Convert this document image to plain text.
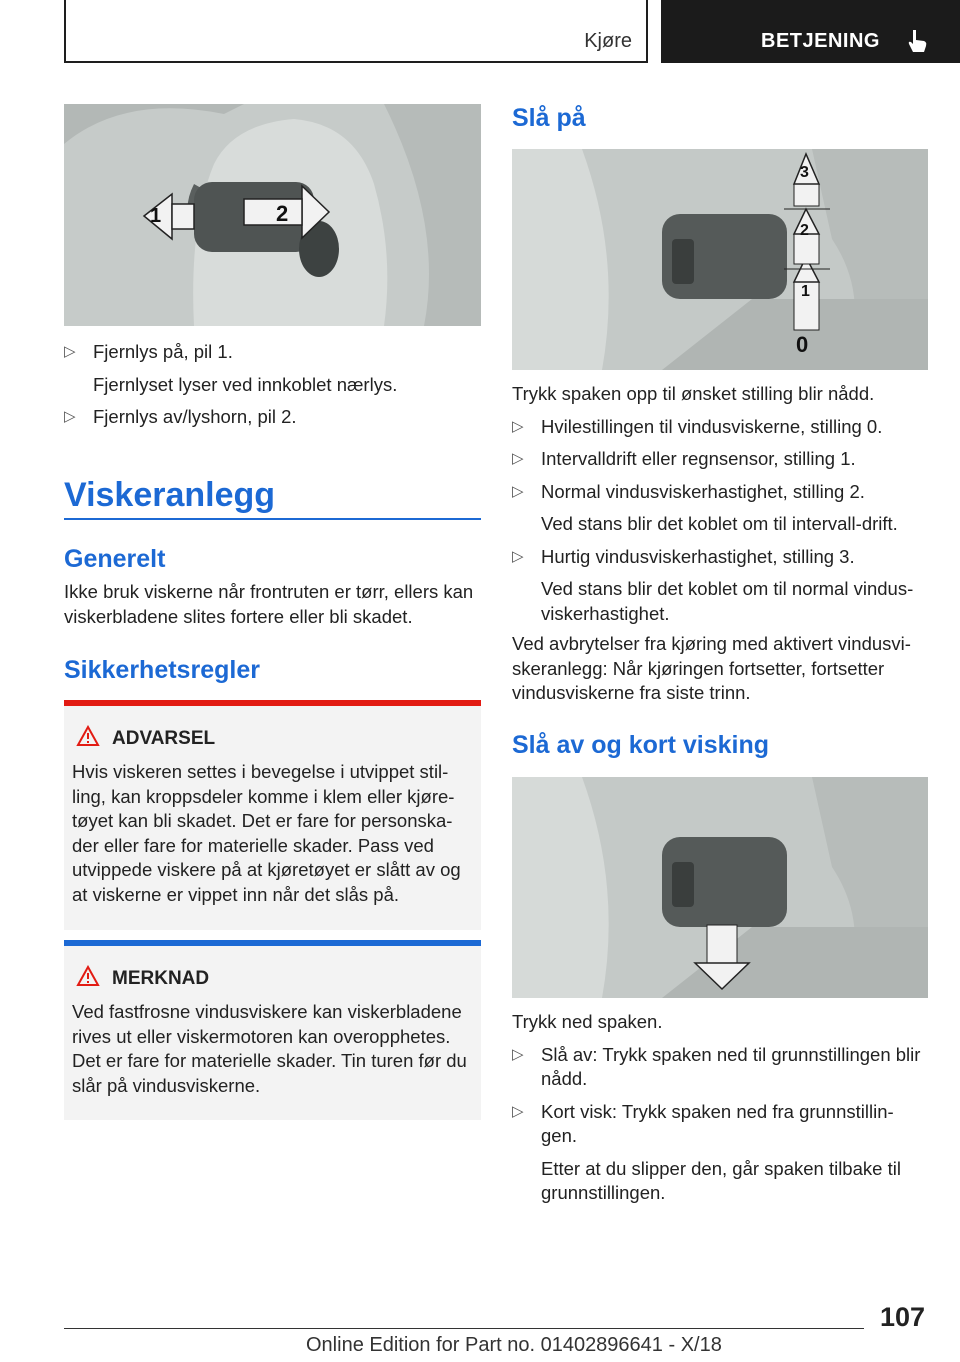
Kjøre	BETJENING
1	2
▷ Fjernlys på, pil 1.
Fjernlyset lyser ved innkoblet nærlys.
▷ Fjernlys av/lyshorn, pil 2.
Viskeranlegg
Generelt
Ikke bruk viskerne når frontruten er tørr, ellers kan viskerbladene slites fortere eller bli skadet.
Sikkerhetsregler
ADVARSEL
Hvis viskeren settes i bevegelse i utvippet stil-ling, kan kroppsdeler komme i klem eller kjøre-tøyet kan bli skadet. Det er fare for personska-der eller fare for materielle skader. Pass ved utvippede viskere på at kjøretøyet er slått av og at viskerne er vippet inn når det slås på.
MERKNAD
Ved fastfrosne vindusviskere kan viskerbladene rives ut eller viskermotoren kan overopphetes. Det er fare for materielle skader. Tin turen før du slår på vindusviskerne.
Slå på
3
2
1
0
Trykk spaken opp til ønsket stilling blir nådd.
▷ Hvilestillingen til vindusviskerne, stilling 0.
▷ Intervalldrift eller regnsensor, stilling 1.
▷ Normal vindusviskerhastighet, stilling 2.
Ved stans blir det koblet om til intervall-drift.
▷ Hurtig vindusviskerhastighet, stilling 3.
Ved stans blir det koblet om til normal vindus-viskerhastighet.
Ved avbrytelser fra kjøring med aktivert vindusvi-skeranlegg: Når kjøringen fortsetter, fortsetter vindusviskerne fra siste trinn.
Slå av og kort visking
Trykk ned spaken.
▷ Slå av: Trykk spaken ned til grunnstillingen blir nådd.
▷ Kort visk: Trykk spaken ned fra grunnstillin-gen.
Etter at du slipper den, går spaken tilbake til grunnstillingen.
107
Online Edition for Part no. 01402896641 - X/18
